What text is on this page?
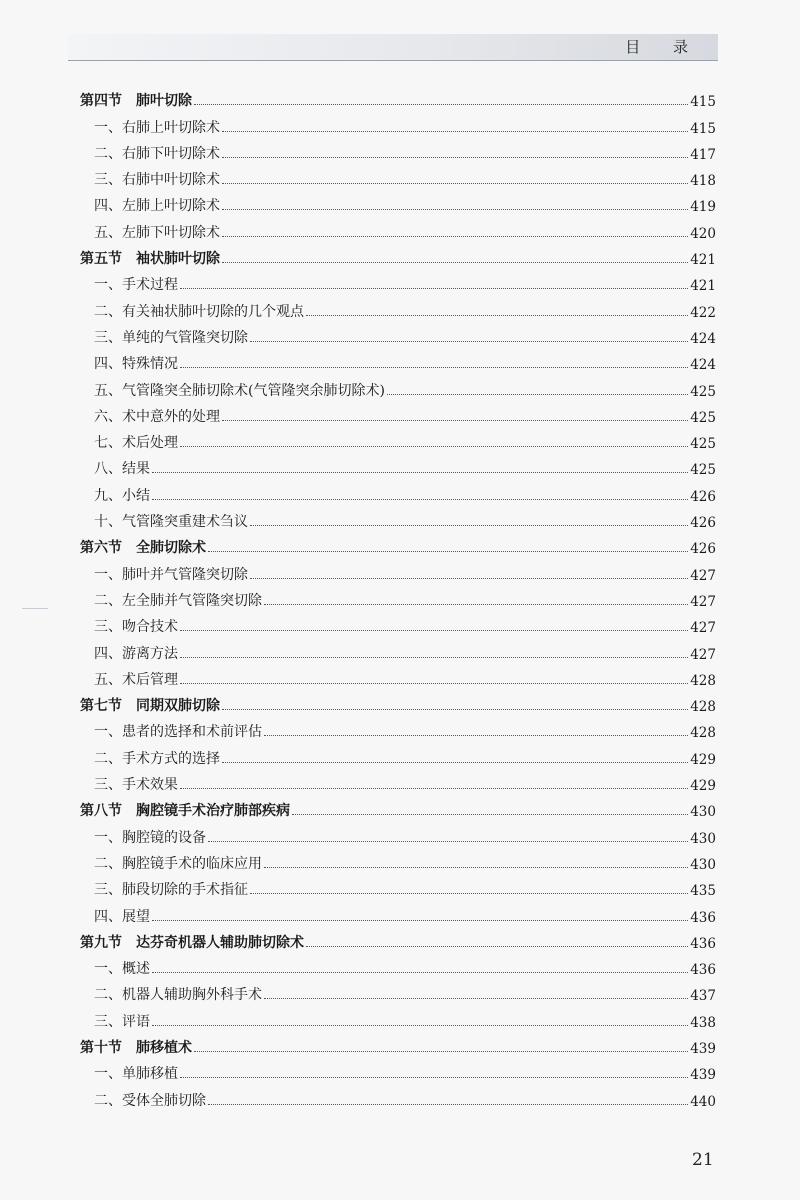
目 录
第四节　肺叶切除	415
一、右肺上叶切除术	415
二、右肺下叶切除术	417
三、右肺中叶切除术	418
四、左肺上叶切除术	419
五、左肺下叶切除术	420
第五节　袖状肺叶切除	421
一、手术过程	421
二、有关袖状肺叶切除的几个观点	422
三、单纯的气管隆突切除	424
四、特殊情况	424
五、气管隆突全肺切除术(气管隆突余肺切除术)	425
六、术中意外的处理	425
七、术后处理	425
八、结果	425
九、小结	426
十、气管隆突重建术刍议	426
第六节　全肺切除术	426
一、肺叶并气管隆突切除	427
二、左全肺并气管隆突切除	427
三、吻合技术	427
四、游离方法	427
五、术后管理	428
第七节　同期双肺切除	428
一、患者的选择和术前评估	428
二、手术方式的选择	429
三、手术效果	429
第八节　胸腔镜手术治疗肺部疾病	430
一、胸腔镜的设备	430
二、胸腔镜手术的临床应用	430
三、肺段切除的手术指征	435
四、展望	436
第九节　达芬奇机器人辅助肺切除术	436
一、概述	436
二、机器人辅助胸外科手术	437
三、评语	438
第十节　肺移植术	439
一、单肺移植	439
二、受体全肺切除	440
21
